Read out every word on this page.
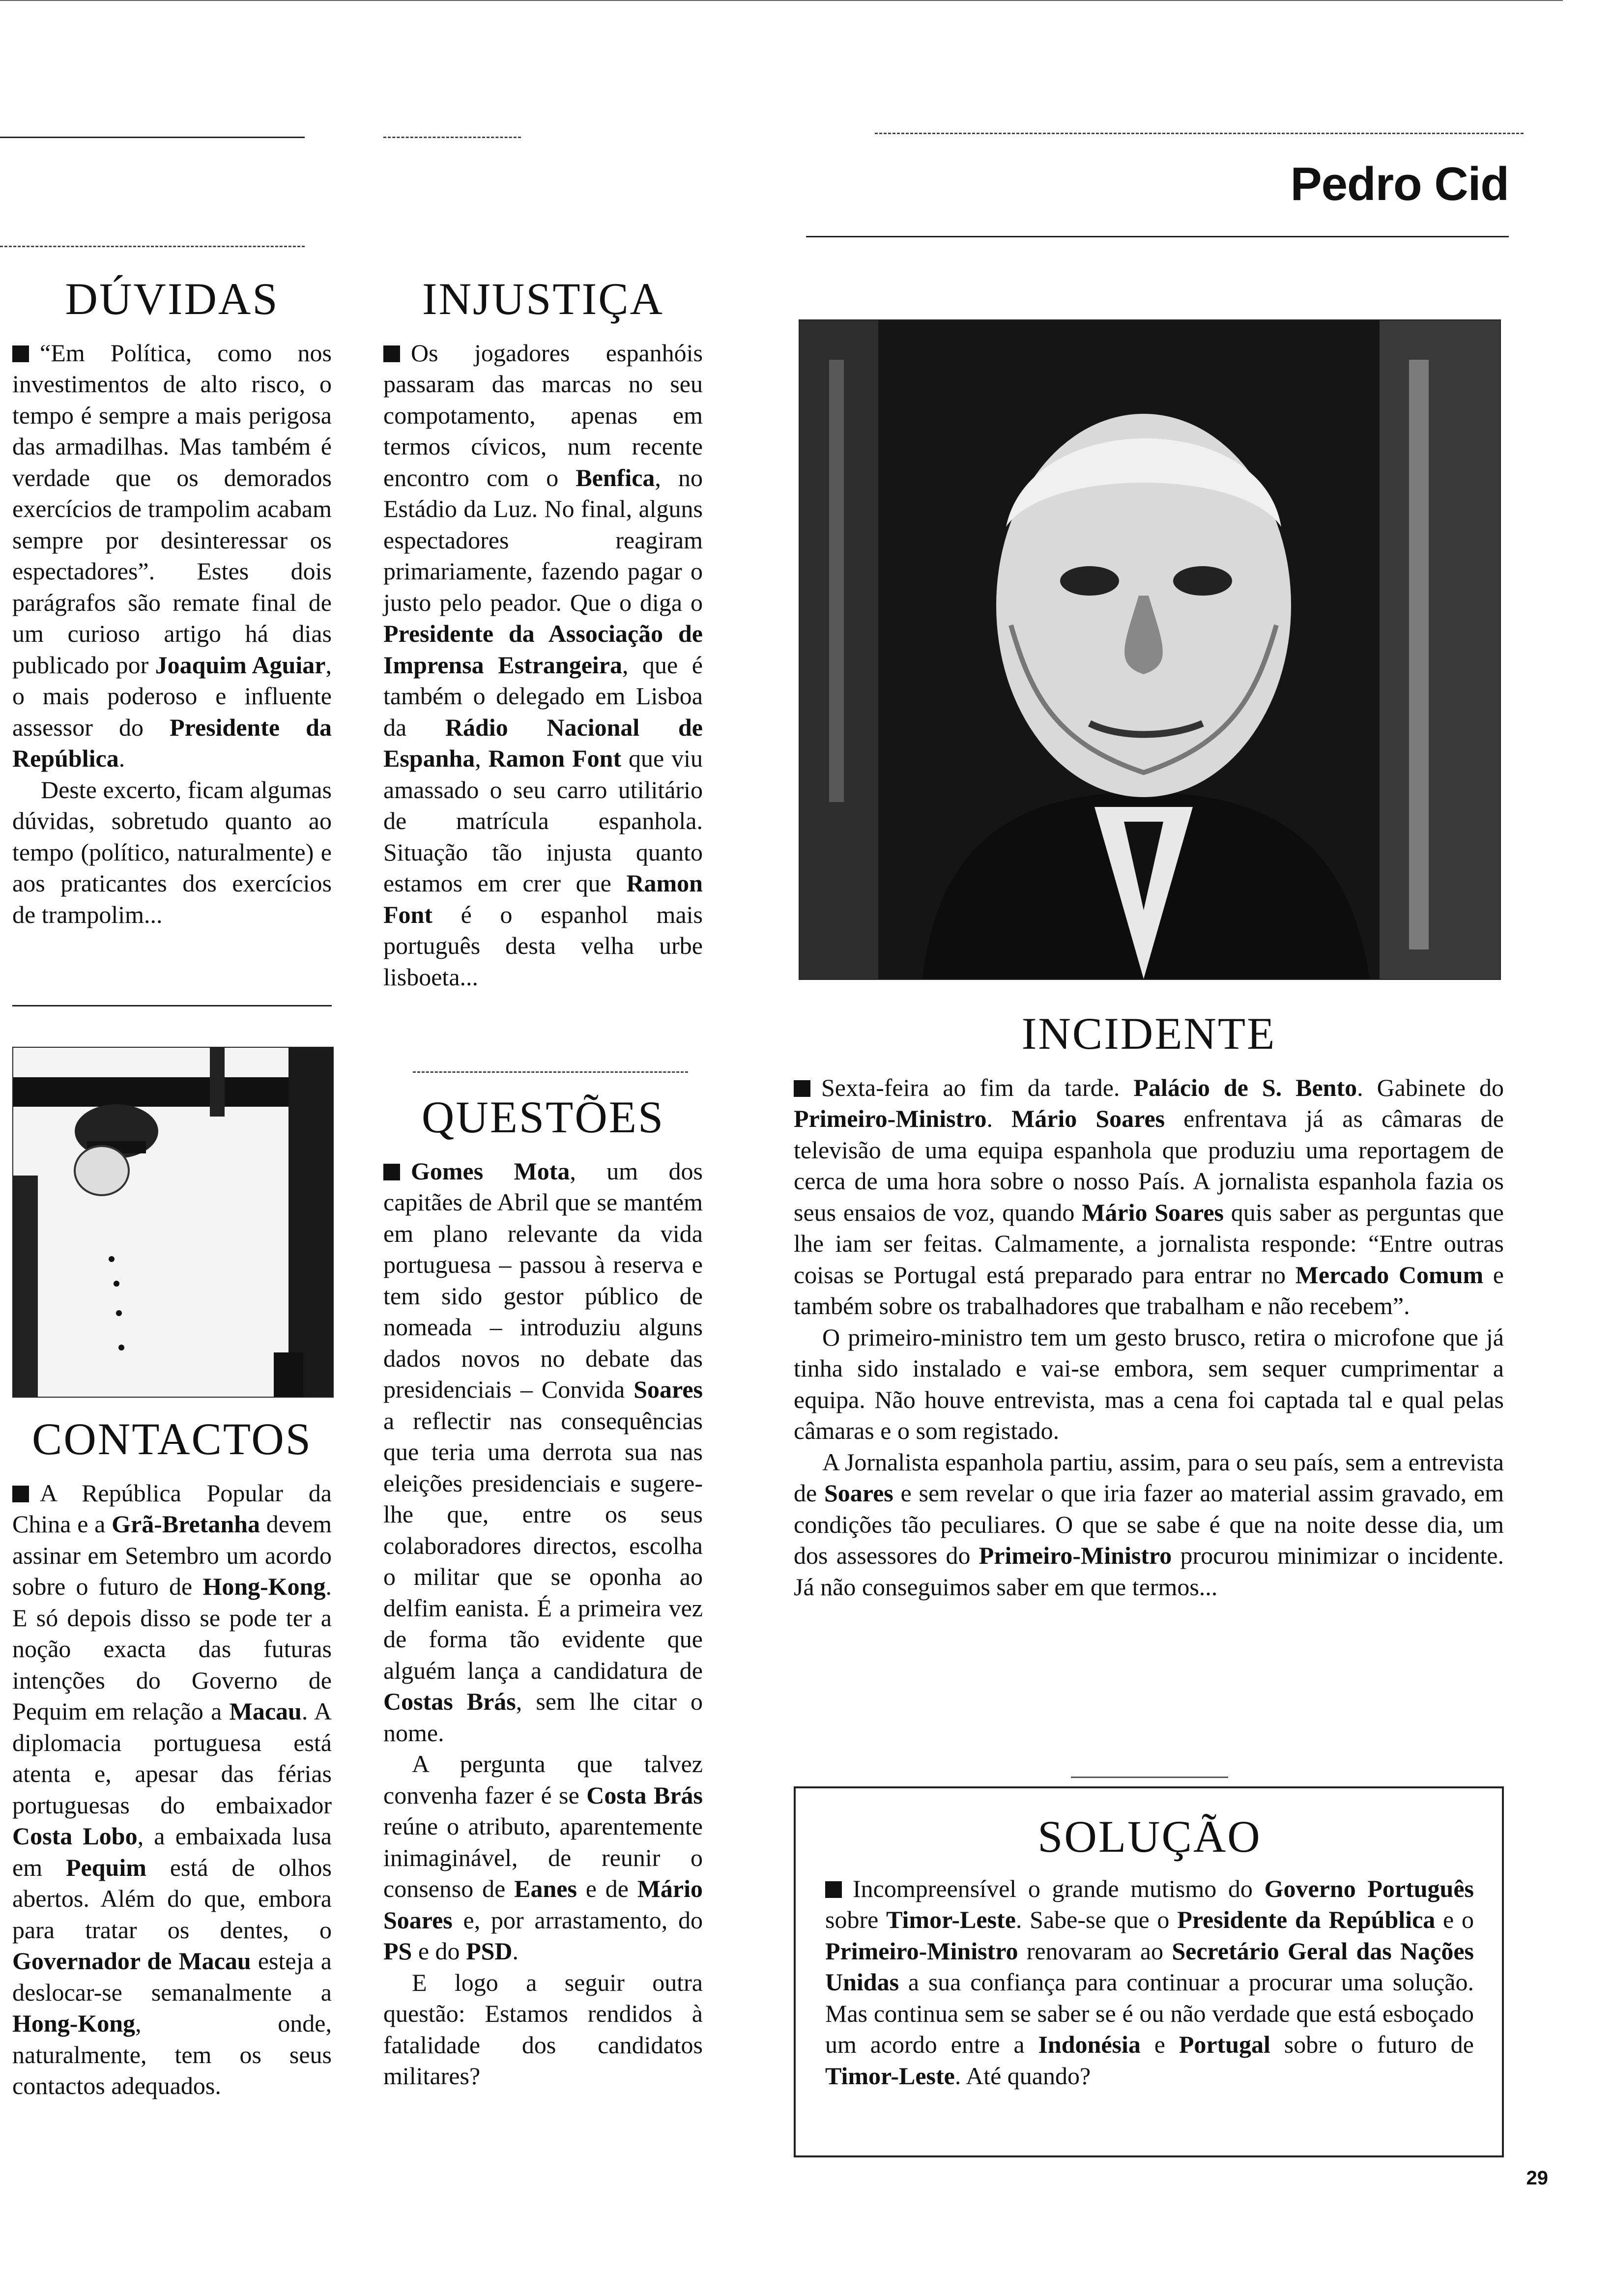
Pedro Cid
DÚVIDAS

“Em Política, como nos investimentos de alto risco, o tempo é sempre a mais perigosa das armadilhas. Mas também é verdade que os demorados exercícios de trampolim acabam sempre por desinteressar os espectadores”. Estes dois parágrafos são remate final de um curioso artigo há dias publicado por Joaquim Aguiar, o mais poderoso e influente assessor do Presidente da República.

Deste excerto, ficam algumas dúvidas, sobretudo quanto ao tempo (político, naturalmente) e aos praticantes dos exercícios de trampolim...

CONTACTOS

A República Popular da China e a Grã-Bretanha devem assinar em Setembro um acordo sobre o futuro de Hong-Kong. E só depois disso se pode ter a noção exacta das futuras intenções do Governo de Pequim em relação a Macau. A diplomacia portuguesa está atenta e, apesar das férias portuguesas do embaixador Costa Lobo, a embaixada lusa em Pequim está de olhos abertos. Além do que, embora para tratar os dentes, o Governador de Macau esteja a deslocar-se semanalmente a Hong-Kong, onde, naturalmente, tem os seus contactos adequados.

INJUSTIÇA

Os jogadores espanhóis passaram das marcas no seu compotamento, apenas em termos cívicos, num recente encontro com o Benfica, no Estádio da Luz. No final, alguns espectadores reagiram primariamente, fazendo pagar o justo pelo peador. Que o diga o Presidente da Associação de Imprensa Estrangeira, que é também o delegado em Lisboa da Rádio Nacional de Espanha, Ramon Font que viu amassado o seu carro utilitário de matrícula espanhola. Situação tão injusta quanto estamos em crer que Ramon Font é o espanhol mais português desta velha urbe lisboeta...

QUESTÕES

Gomes Mota, um dos capitães de Abril que se mantém em plano relevante da vida portuguesa – passou à reserva e tem sido gestor público de nomeada – introduziu alguns dados novos no debate das presidenciais – Convida Soares a reflectir nas consequências que teria uma derrota sua nas eleições presidenciais e sugere-lhe que, entre os seus colaboradores directos, escolha o militar que se oponha ao delfim eanista. É a primeira vez de forma tão evidente que alguém lança a candidatura de Costas Brás, sem lhe citar o nome.

A pergunta que talvez convenha fazer é se Costa Brás reúne o atributo, aparentemente inimaginável, de reunir o consenso de Eanes e de Mário Soares e, por arrastamento, do PS e do PSD.

E logo a seguir outra questão: Estamos rendidos à fatalidade dos candidatos militares?

INCIDENTE

Sexta-feira ao fim da tarde. Palácio de S. Bento. Gabinete do Primeiro-Ministro. Mário Soares enfrentava já as câmaras de televisão de uma equipa espanhola que produziu uma reportagem de cerca de uma hora sobre o nosso País. A jornalista espanhola fazia os seus ensaios de voz, quando Mário Soares quis saber as perguntas que lhe iam ser feitas. Calmamente, a jornalista responde: “Entre outras coisas se Portugal está preparado para entrar no Mercado Comum e também sobre os trabalhadores que trabalham e não recebem”.

O primeiro-ministro tem um gesto brusco, retira o microfone que já tinha sido instalado e vai-se embora, sem sequer cumprimentar a equipa. Não houve entrevista, mas a cena foi captada tal e qual pelas câmaras e o som registado.

A Jornalista espanhola partiu, assim, para o seu país, sem a entrevista de Soares e sem revelar o que iria fazer ao material assim gravado, em condições tão peculiares. O que se sabe é que na noite desse dia, um dos assessores do Primeiro-Ministro procurou minimizar o incidente. Já não conseguimos saber em que termos...

SOLUÇÃO

Incompreensível o grande mutismo do Governo Português sobre Timor-Leste. Sabe-se que o Presidente da República e o Primeiro-Ministro renovaram ao Secretário Geral das Nações Unidas a sua confiança para continuar a procurar uma solução. Mas continua sem se saber se é ou não verdade que está esboçado um acordo entre a Indonésia e Portugal sobre o futuro de Timor-Leste. Até quando?

29
